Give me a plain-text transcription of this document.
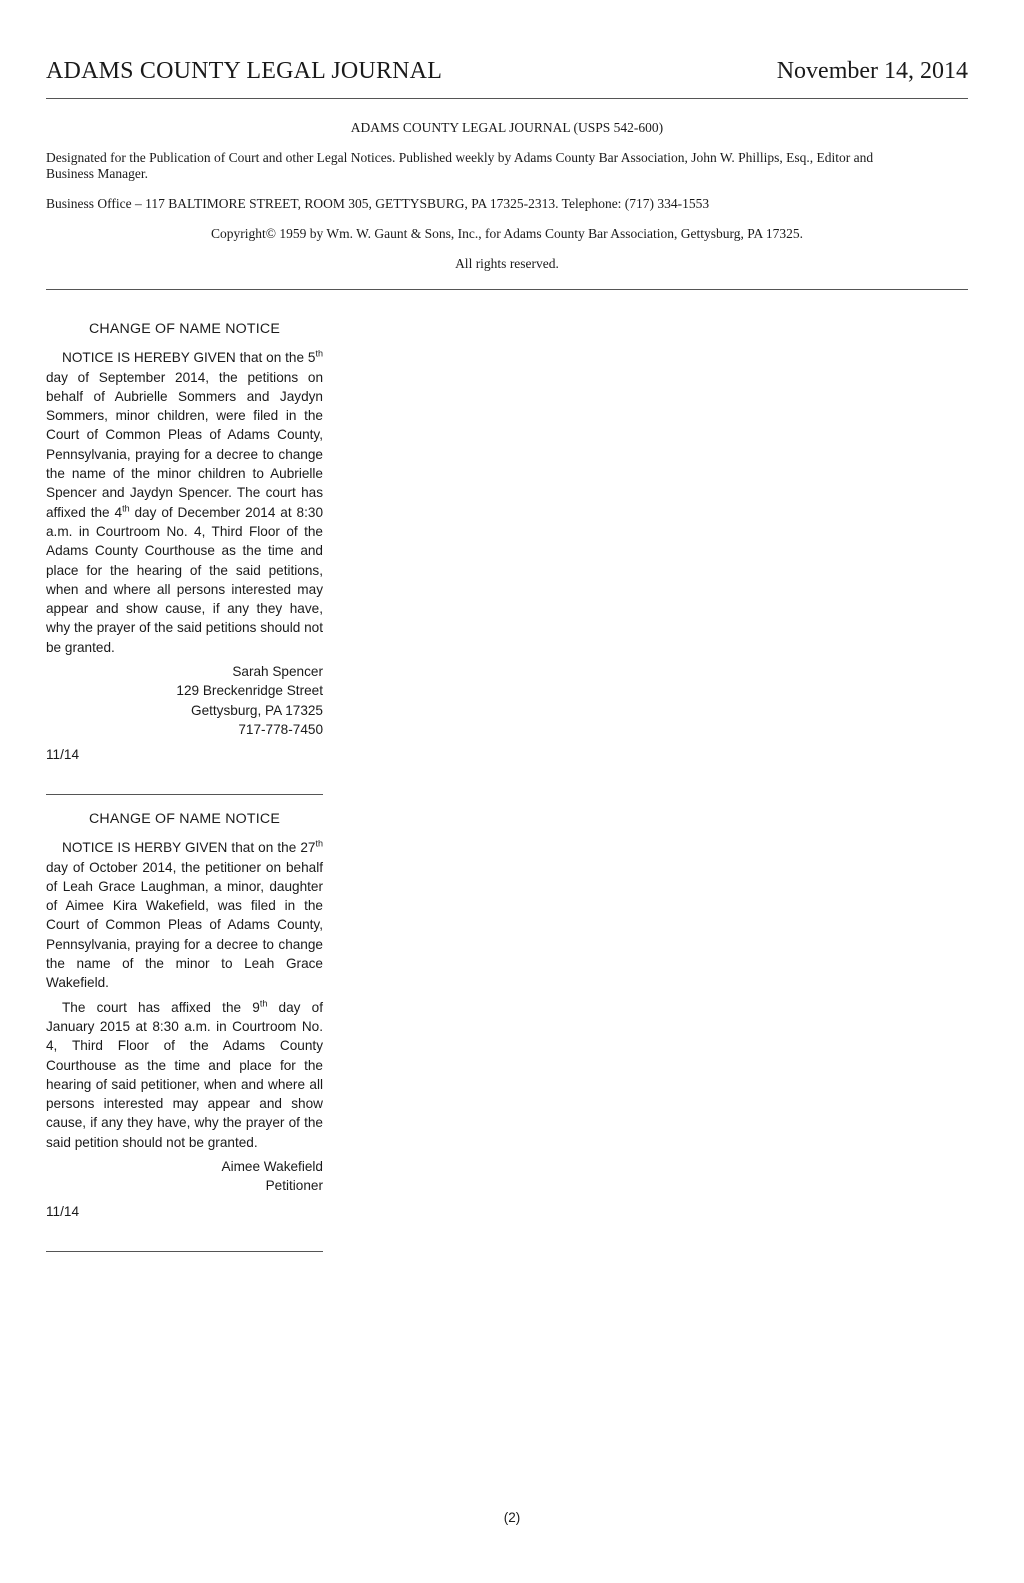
ADAMS COUNTY LEGAL JOURNAL	November 14, 2014

ADAMS COUNTY LEGAL JOURNAL (USPS 542-600)

Designated for the Publication of Court and other Legal Notices. Published weekly by Adams County Bar Association, John W. Phillips, Esq., Editor and Business Manager.

Business Office – 117 BALTIMORE STREET, ROOM 305, GETTYSBURG, PA 17325-2313. Telephone: (717) 334-1553

Copyright© 1959 by Wm. W. Gaunt & Sons, Inc., for Adams County Bar Association, Gettysburg, PA 17325.

All rights reserved.

CHANGE OF NAME NOTICE

NOTICE IS HEREBY GIVEN that on the 5th day of September 2014, the petitions on behalf of Aubrielle Sommers and Jaydyn Sommers, minor children, were filed in the Court of Common Pleas of Adams County, Pennsylvania, praying for a decree to change the name of the minor children to Aubrielle Spencer and Jaydyn Spencer. The court has affixed the 4th day of December 2014 at 8:30 a.m. in Courtroom No. 4, Third Floor of the Adams County Courthouse as the time and place for the hearing of the said petitions, when and where all persons interested may appear and show cause, if any they have, why the prayer of the said petitions should not be granted.

Sarah Spencer
129 Breckenridge Street
Gettysburg, PA 17325
717-778-7450
11/14
CHANGE OF NAME NOTICE

NOTICE IS HERBY GIVEN that on the 27th day of October 2014, the petitioner on behalf of Leah Grace Laughman, a minor, daughter of Aimee Kira Wakefield, was filed in the Court of Common Pleas of Adams County, Pennsylvania, praying for a decree to change the name of the minor to Leah Grace Wakefield.

The court has affixed the 9th day of January 2015 at 8:30 a.m. in Courtroom No. 4, Third Floor of the Adams County Courthouse as the time and place for the hearing of said petitioner, when and where all persons interested may appear and show cause, if any they have, why the prayer of the said petition should not be granted.

Aimee Wakefield
Petitioner
11/14
(2)
